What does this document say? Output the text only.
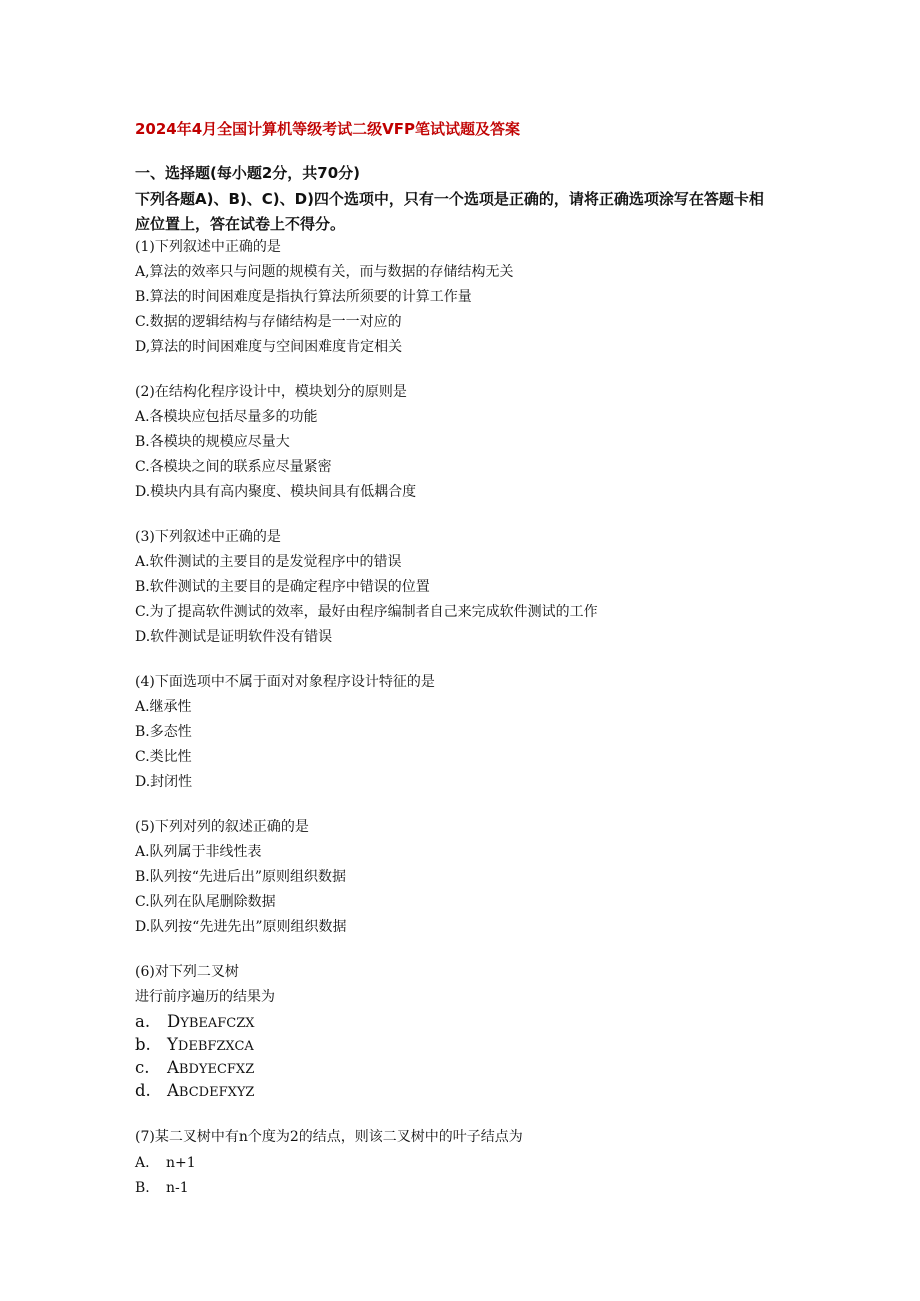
2024年4月全国计算机等级考试二级VFP笔试试题及答案
一、选择题(每小题2分，共70分)
下列各题A)、B)、C)、D)四个选项中，只有一个选项是正确的，请将正确选项涂写在答题卡相应位置上，答在试卷上不得分。
(1)下列叙述中正确的是
A,算法的效率只与问题的规模有关，而与数据的存储结构无关
B.算法的时间困难度是指执行算法所须要的计算工作量
C.数据的逻辑结构与存储结构是一一对应的
D,算法的时间困难度与空间困难度肯定相关
(2)在结构化程序设计中，模块划分的原则是
A.各模块应包括尽量多的功能
B.各模块的规模应尽量大
C.各模块之间的联系应尽量紧密
D.模块内具有高内聚度、模块间具有低耦合度
(3)下列叙述中正确的是
A.软件测试的主要目的是发觉程序中的错误
B.软件测试的主要目的是确定程序中错误的位置
C.为了提高软件测试的效率，最好由程序编制者自己来完成软件测试的工作
D.软件测试是证明软件没有错误
(4)下面选项中不属于面对对象程序设计特征的是
A.继承性
B.多态性
C.类比性
D.封闭性
(5)下列对列的叙述正确的是
A.队列属于非线性表
B.队列按“先进后出”原则组织数据
C.队列在队尾删除数据
D.队列按“先进先出”原则组织数据
(6)对下列二叉树
进行前序遍历的结果为
a. DYBEAFCZX
b. YDEBFZXCA
c. ABDYECFXZ
d. ABCDEFXYZ
(7)某二叉树中有n个度为2的结点，则该二叉树中的叶子结点为
A. n+1
B. n-1
